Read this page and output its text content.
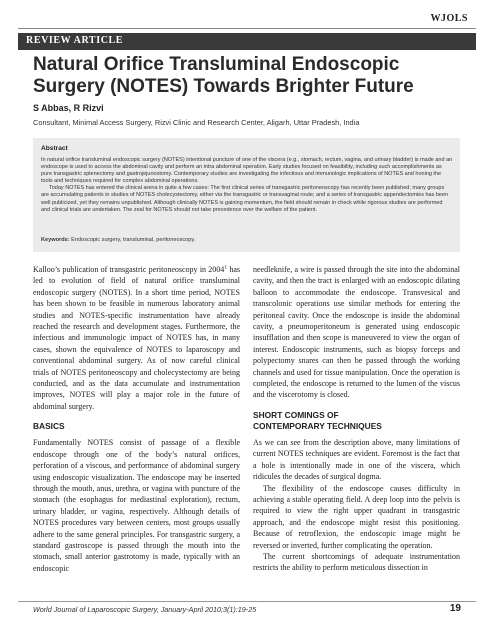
WJOLS
REVIEW ARTICLE
Natural Orifice Transluminal Endoscopic
Surgery (NOTES) Towards Brighter Future
S Abbas, R Rizvi
Consultant, Minimal Access Surgery, Rizvi Clinic and Research Center, Aligarh, Uttar Pradesh, India
Abstract

In natural orifice transluminal endoscopic surgery (NOTES) intentional puncture of one of the viscera (e.g., stomach, rectum, vagina, and urinary bladder) is made and an endoscope is used to access the abdominal cavity and perform an intra abdominal operation. Early studies focused on feasibility, including such accomplishments as pure transgastric splenectomy and gastrojejunostomy. Contemporary studies are investigating the infectious and immunologic implications of NOTES and honing the tools and techniques required for complex abdominal operations.

Today NOTES has entered the clinical arena in quite a few cases: The first clinical series of transgastric peritoneoscopy has recently been published; many groups are accumulating patients in studies of NOTES cholecystectomy, either via the transgastric or transvaginal route; and a series of transgastric appendectomies has been well publicized, yet they remains unpublished. Although clinically NOTES is gaining momentum, the field should remain in check while rigorous studies are performed and clinical trials are undertaken. The zeal for NOTES should not take precedence over the welfare of the patient.

Keywords: Endoscopic surgery, transluminal, peritoneoscopy.

Kalloo’s publication of transgastric peritoneoscopy in 2004$^1$ has led to evolution of field of natural orifice transluminal endoscopic surgery (NOTES). In a short time period, NOTES has been shown to be feasible in numerous laboratory animal studies and NOTES-specific instrumentation have already reached the research and development stages. Furthermore, the infectious and immunologic impact of NOTES has, in many cases, shown the equivalence of NOTES to laparoscopy and conventional abdominal surgery. As of now careful clinical trials of NOTES peritoneoscopy and cholecystectomy are being conducted, and as the data accumulate and instrumentation improves, NOTES will play a major role in the future of abdominal surgery.

BASICS

Fundamentally NOTES consist of passage of a flexible endoscope through one of the body’s natural orifices, perforation of a viscous, and performance of abdominal surgery using endoscopic visualization. The endoscope may be inserted through the mouth, anus, urethra, or vagina with puncture of the stomach (the esophagus for mediastinal exploration), rectum, urinary bladder, or vagina, respectively. Although details of NOTES procedures vary between centers, most groups usually adhere to the same general principles. For transgastric surgery, a standard gastroscope is passed through the mouth into the stomach, small anterior gastrotomy is made, typically with an endoscopic

needleknife, a wire is passed through the site into the abdominal cavity, and then the tract is enlarged with an endoscopic dilating balloon to accommodate the endoscope. Transvesical and transcolonic operations use similar methods for entering the peritoneal cavity. Once the endoscope is inside the abdominal cavity, a pneumoperitoneum is generated using endoscopic insufflation and then scope is maneuvered to view the organ of interest. Endoscopic instruments, such as biopsy forceps and polypectomy snares can then be passed through the working channels and used for tissue manipulation. Once the operation is completed, the endoscope is returned to the lumen of the viscus and the viscerotomy is closed.

SHORT COMINGS OF
CONTEMPORARY TECHNIQUES

As we can see from the description above, many limitations of current NOTES techniques are evident. Foremost is the fact that a hole is intentionally made in one of the viscera, which ridicules the decades of surgical dogma.

The flexibility of the endoscope causes difficulty in achieving a stable operating field. A deep loop into the pelvis is required to view the right upper quadrant in transgastric approach, and the endoscope might resist this positioning. Because of retroflexion, the endoscopic image might be reversed or inverted, further complicating the operation.

The current shortcomings of adequate instrumentation restricts the ability to perform meticulous dissection in

World Journal of Laparoscopic Surgery, January-April 2010;3(1):19-25	19
